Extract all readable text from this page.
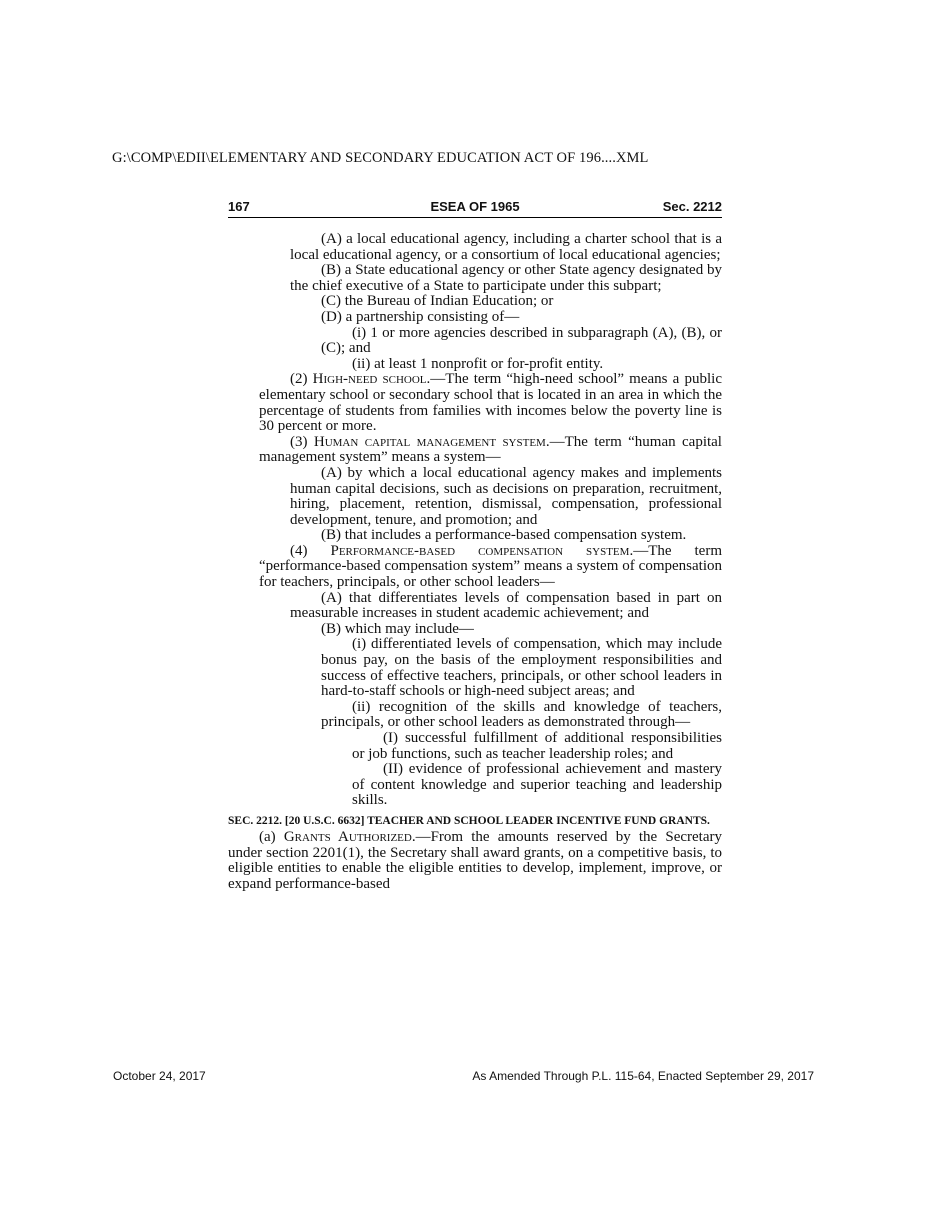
G:\COMP\EDII\ELEMENTARY AND SECONDARY EDUCATION ACT OF 196....XML
167	ESEA OF 1965	Sec. 2212

(A) a local educational agency, including a charter school that is a local educational agency, or a consortium of local educational agencies;

(B) a State educational agency or other State agency designated by the chief executive of a State to participate under this subpart;

(C) the Bureau of Indian Education; or

(D) a partnership consisting of—

(i) 1 or more agencies described in subparagraph (A), (B), or (C); and

(ii) at least 1 nonprofit or for-profit entity.

(2) High-need school.—The term “high-need school” means a public elementary school or secondary school that is located in an area in which the percentage of students from families with incomes below the poverty line is 30 percent or more.

(3) Human capital management system.—The term “human capital management system” means a system—

(A) by which a local educational agency makes and implements human capital decisions, such as decisions on preparation, recruitment, hiring, placement, retention, dismissal, compensation, professional development, tenure, and promotion; and

(B) that includes a performance-based compensation system.

(4) Performance-based compensation system.—The term “performance-based compensation system” means a system of compensation for teachers, principals, or other school leaders—

(A) that differentiates levels of compensation based in part on measurable increases in student academic achievement; and

(B) which may include—

(i) differentiated levels of compensation, which may include bonus pay, on the basis of the employment responsibilities and success of effective teachers, principals, or other school leaders in hard-to-staff schools or high-need subject areas; and

(ii) recognition of the skills and knowledge of teachers, principals, or other school leaders as demonstrated through—

(I) successful fulfillment of additional responsibilities or job functions, such as teacher leadership roles; and

(II) evidence of professional achievement and mastery of content knowledge and superior teaching and leadership skills.

SEC. 2212. [20 U.S.C. 6632] TEACHER AND SCHOOL LEADER INCENTIVE FUND GRANTS.

(a) Grants Authorized.—From the amounts reserved by the Secretary under section 2201(1), the Secretary shall award grants, on a competitive basis, to eligible entities to enable the eligible entities to develop, implement, improve, or expand performance-based

October 24, 2017	As Amended Through P.L. 115-64, Enacted September 29, 2017
